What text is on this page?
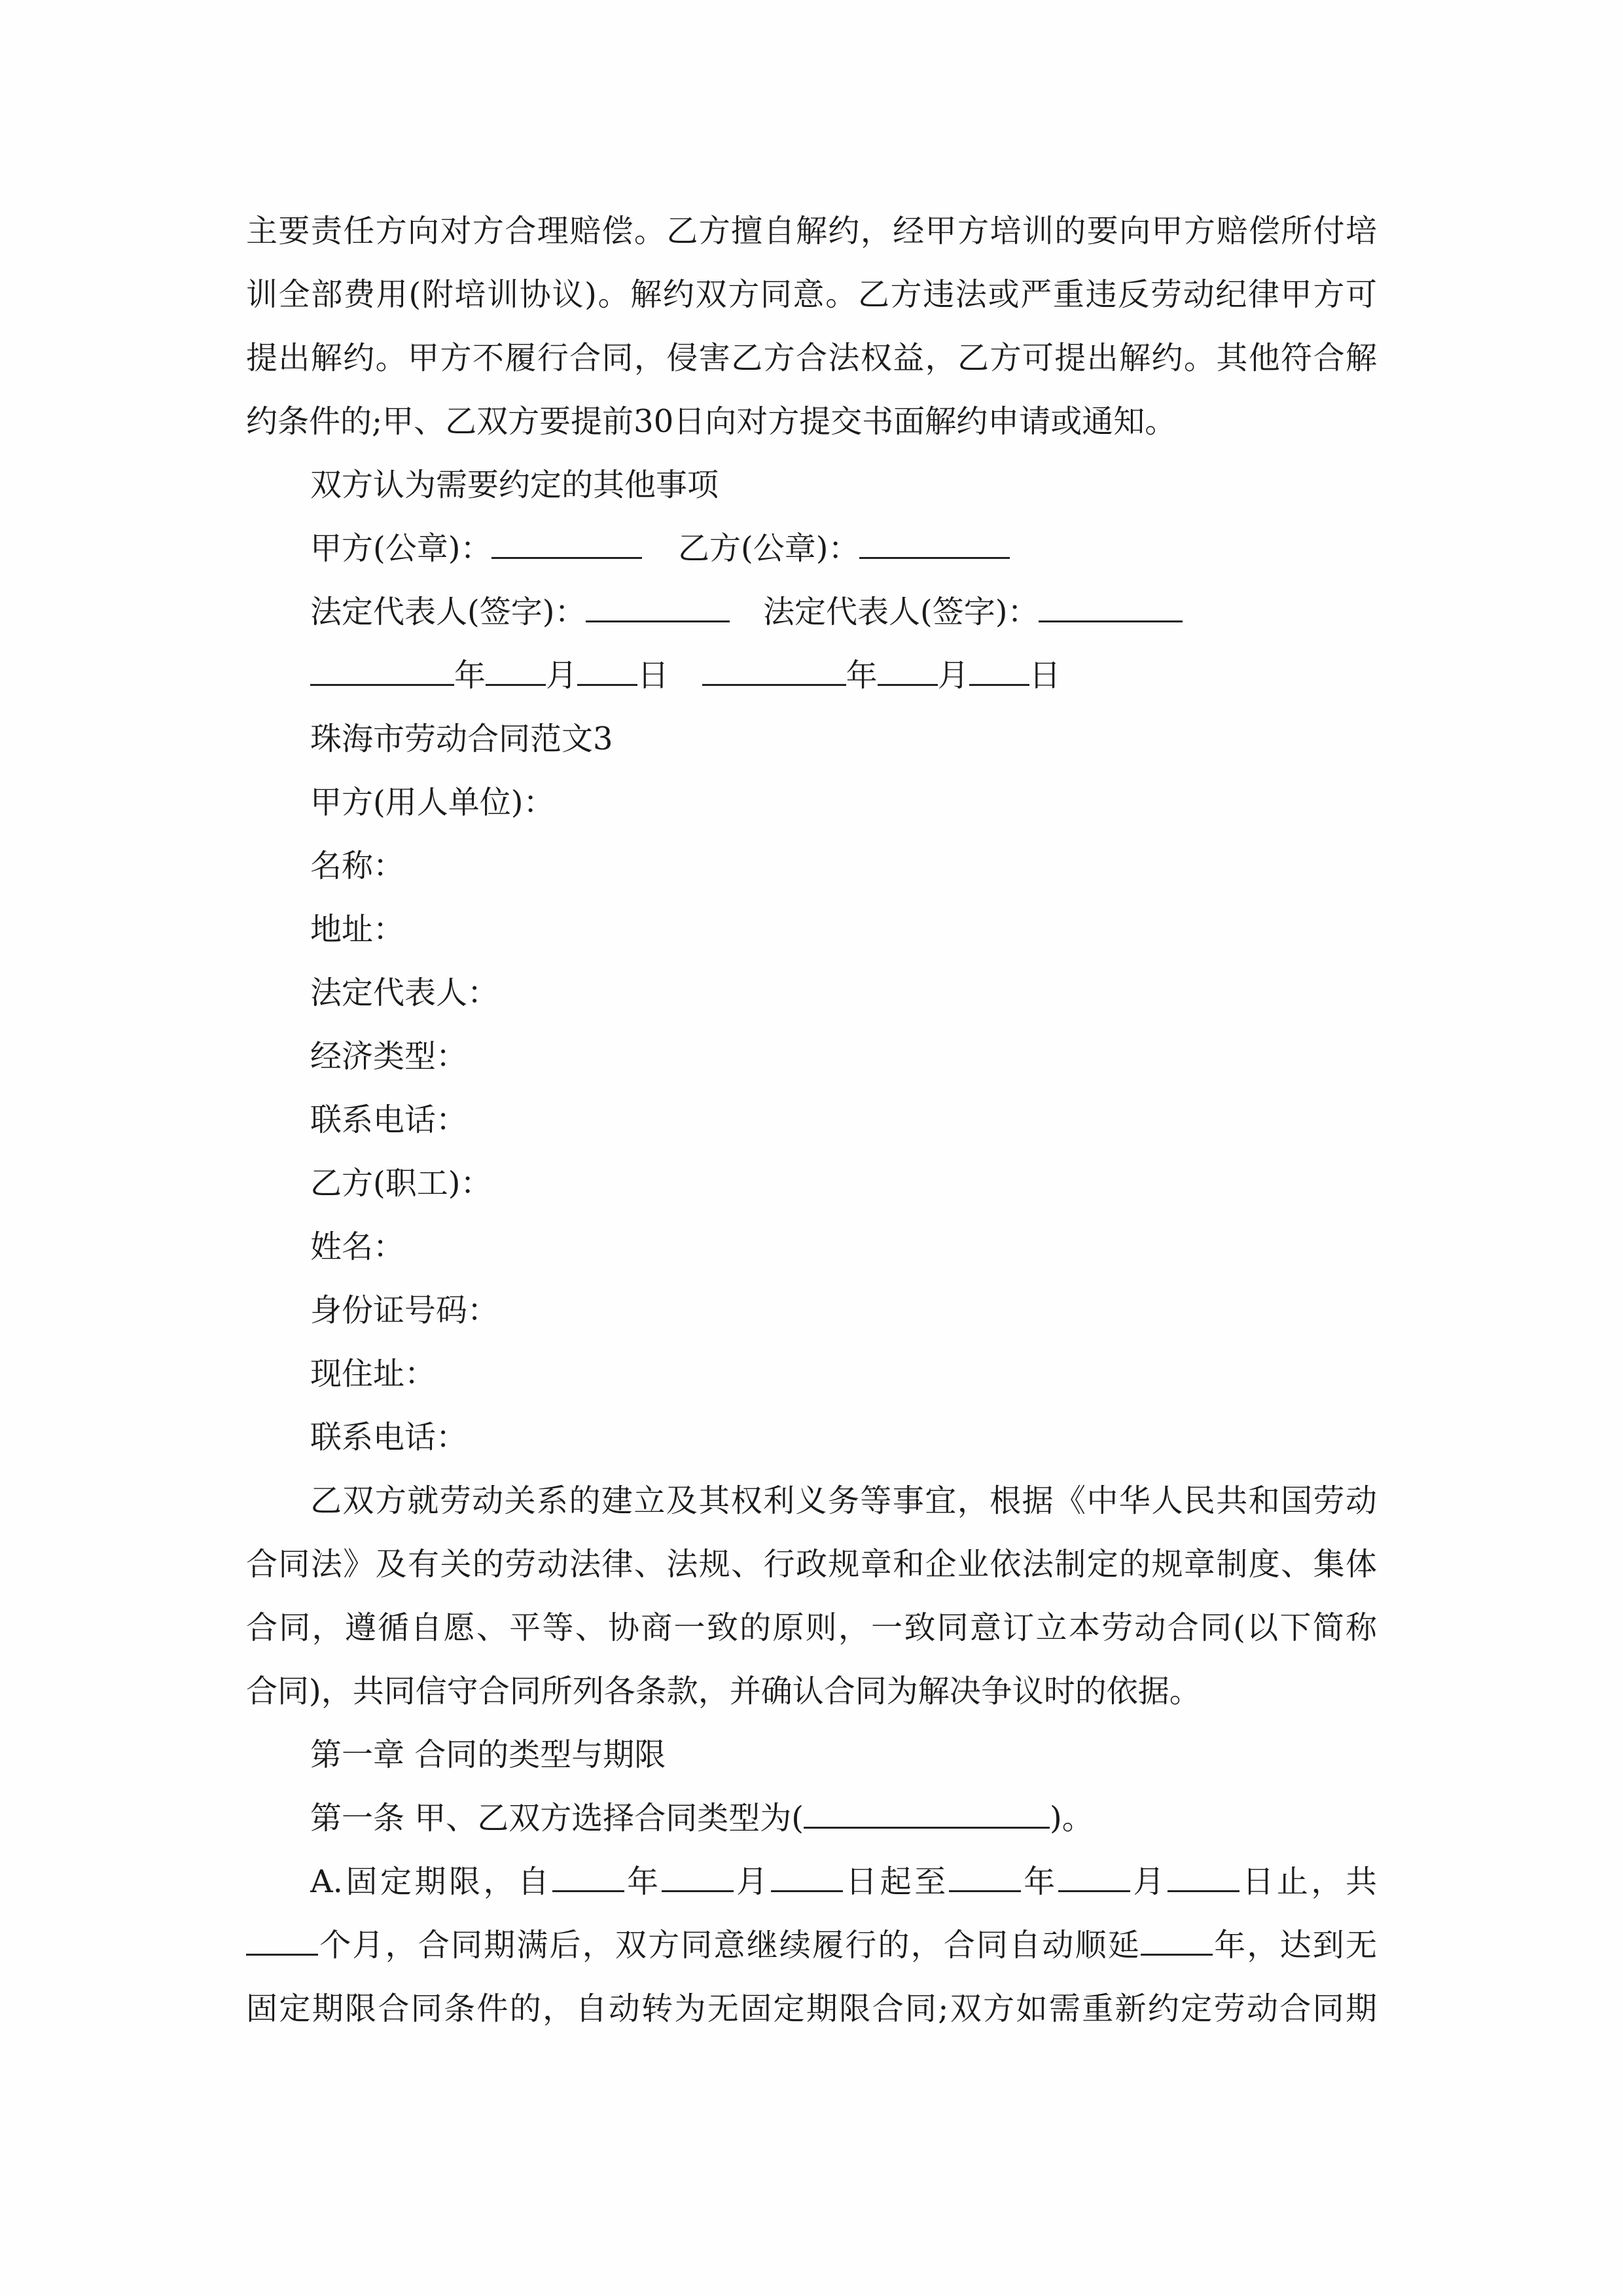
主要责任方向对方合理赔偿。乙方擅自解约，经甲方培训的要向甲方赔偿所付培
训全部费用(附培训协议)。解约双方同意。乙方违法或严重违反劳动纪律甲方可
提出解约。甲方不履行合同，侵害乙方合法权益，乙方可提出解约。其他符合解
约条件的;甲、乙双方要提前30日向对方提交书面解约申请或通知。
双方认为需要约定的其他事项
甲方(公章)：	乙方(公章)：
法定代表人(签字)：	法定代表人(签字)：
年 月 日	年 月 日
珠海市劳动合同范文3
甲方(用人单位)：
名称：
地址：
法定代表人：
经济类型：
联系电话：
乙方(职工)：
姓名：
身份证号码：
现住址：
联系电话：
乙双方就劳动关系的建立及其权利义务等事宜，根据《中华人民共和国劳动
合同法》及有关的劳动法律、法规、行政规章和企业依法制定的规章制度、集体
合同，遵循自愿、平等、协商一致的原则，一致同意订立本劳动合同(以下简称
合同)，共同信守合同所列各条款，并确认合同为解决争议时的依据。
第一章 合同的类型与期限
第一条 甲、乙双方选择合同类型为(	)。
A.固定期限，自 年 月 日起至 年 月 日止，共
个月，合同期满后，双方同意继续履行的，合同自动顺延 年，达到无
固定期限合同条件的，自动转为无固定期限合同;双方如需重新约定劳动合同期
